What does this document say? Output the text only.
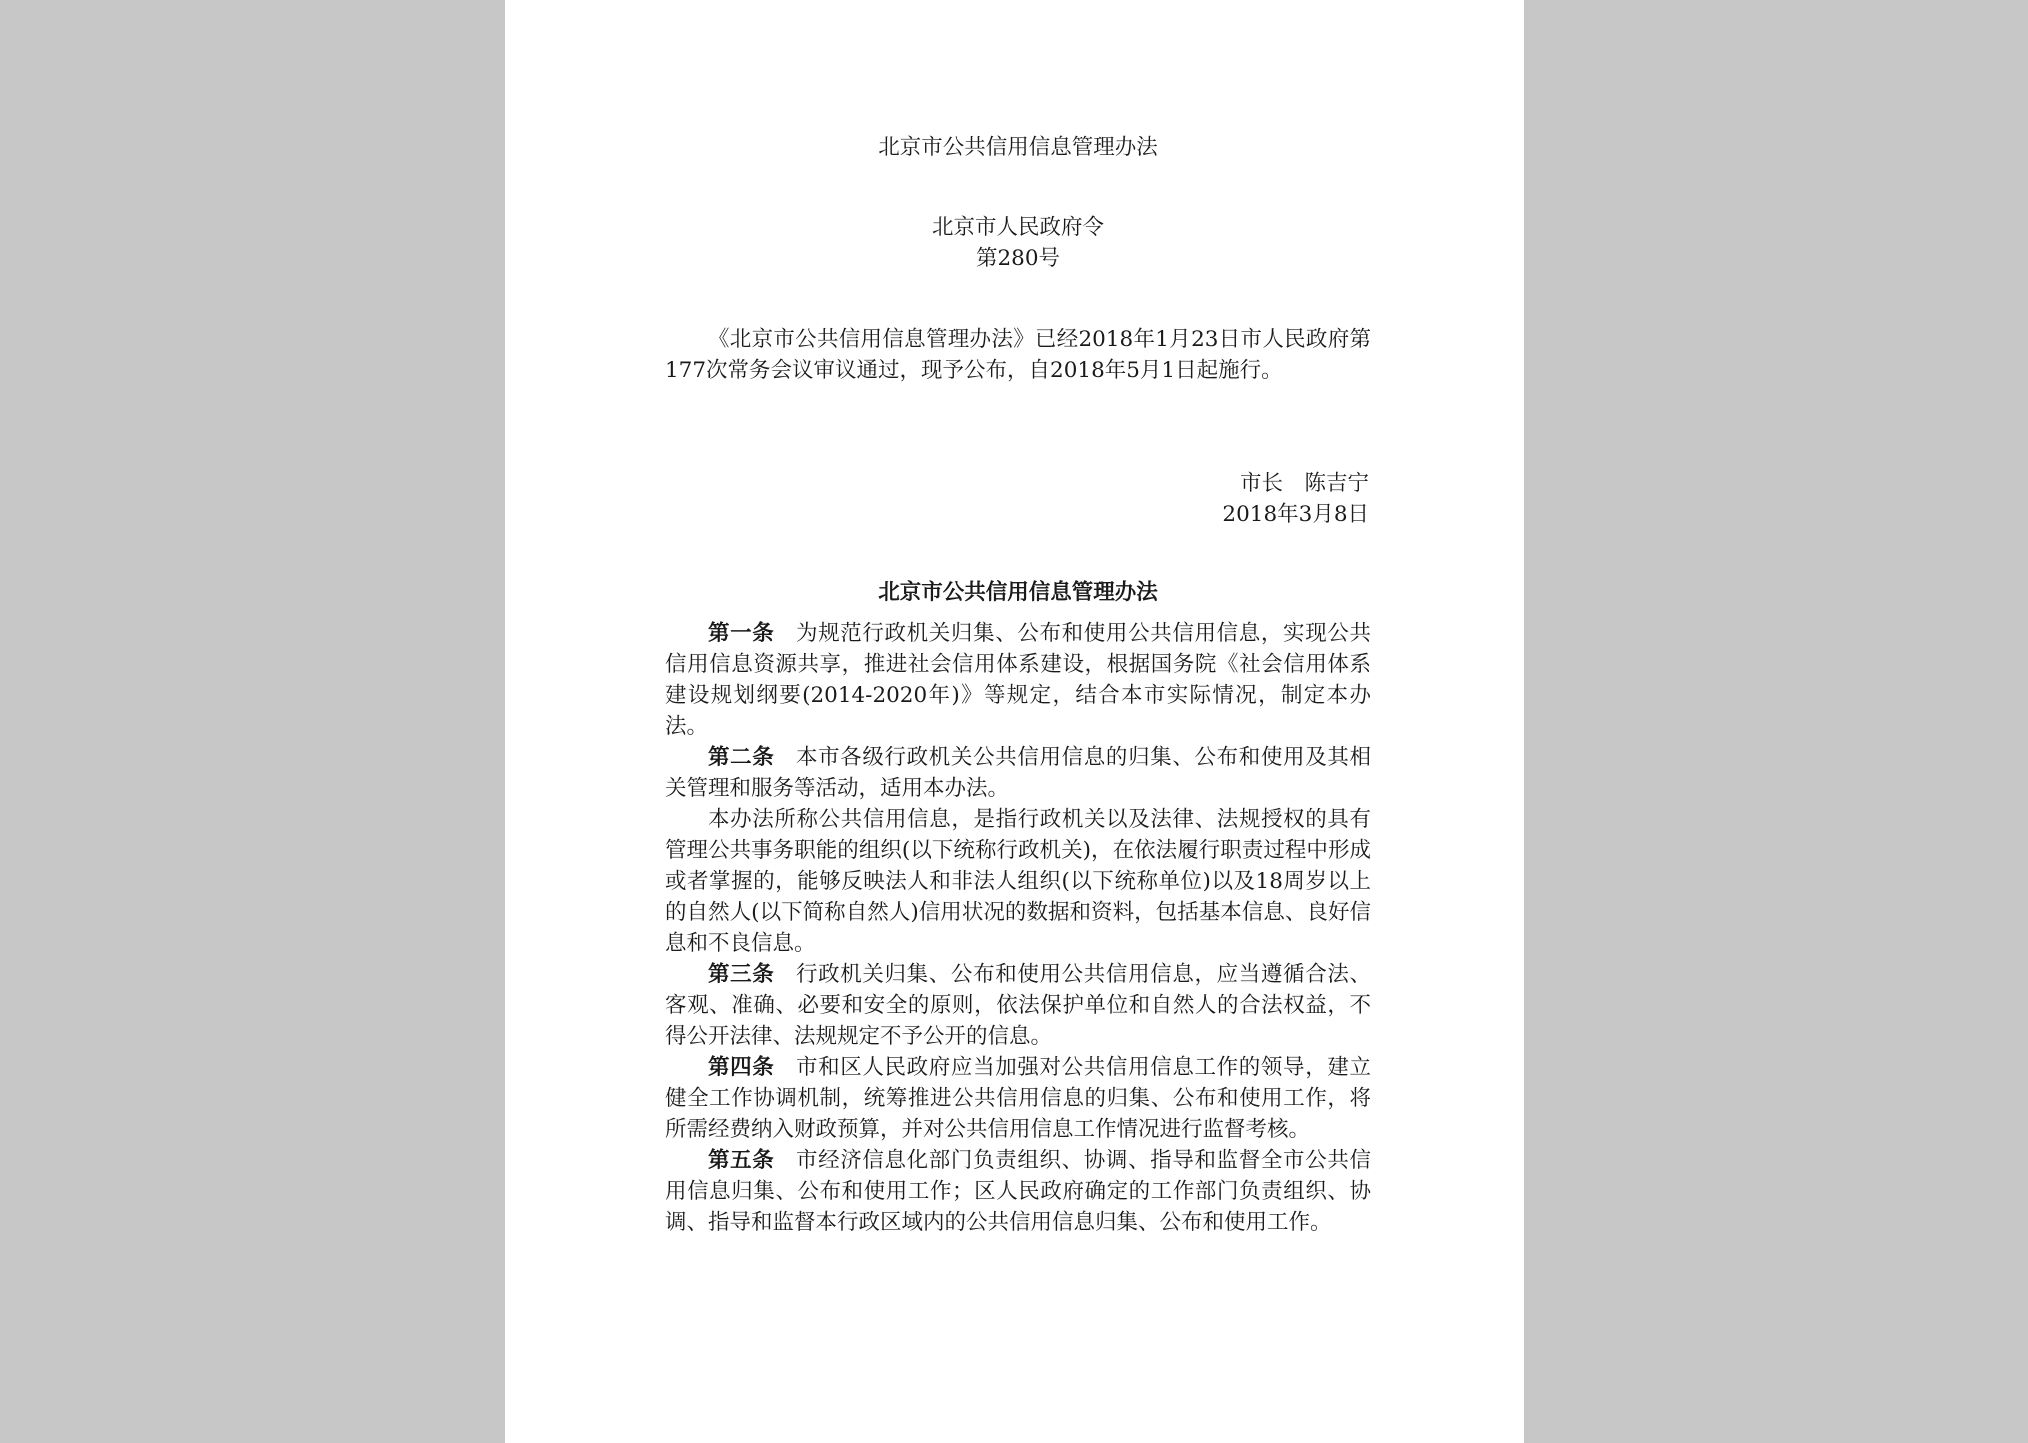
北京市公共信用信息管理办法
北京市人民政府令
第280号

《北京市公共信用信息管理办法》已经2018年1月23日市人民政府第177次常务会议审议通过，现予公布，自2018年5月1日起施行。

市长　陈吉宁
2018年3月8日
北京市公共信用信息管理办法

第一条 为规范行政机关归集、公布和使用公共信用信息，实现公共信用信息资源共享，推进社会信用体系建设，根据国务院《社会信用体系建设规划纲要(2014-2020年)》等规定，结合本市实际情况，制定本办法。

第二条 本市各级行政机关公共信用信息的归集、公布和使用及其相关管理和服务等活动，适用本办法。

本办法所称公共信用信息，是指行政机关以及法律、法规授权的具有管理公共事务职能的组织(以下统称行政机关)，在依法履行职责过程中形成或者掌握的，能够反映法人和非法人组织(以下统称单位)以及18周岁以上的自然人(以下简称自然人)信用状况的数据和资料，包括基本信息、良好信息和不良信息。

第三条 行政机关归集、公布和使用公共信用信息，应当遵循合法、客观、准确、必要和安全的原则，依法保护单位和自然人的合法权益，不得公开法律、法规规定不予公开的信息。

第四条 市和区人民政府应当加强对公共信用信息工作的领导，建立健全工作协调机制，统筹推进公共信用信息的归集、公布和使用工作，将所需经费纳入财政预算，并对公共信用信息工作情况进行监督考核。

第五条 市经济信息化部门负责组织、协调、指导和监督全市公共信用信息归集、公布和使用工作；区人民政府确定的工作部门负责组织、协调、指导和监督本行政区域内的公共信用信息归集、公布和使用工作。
